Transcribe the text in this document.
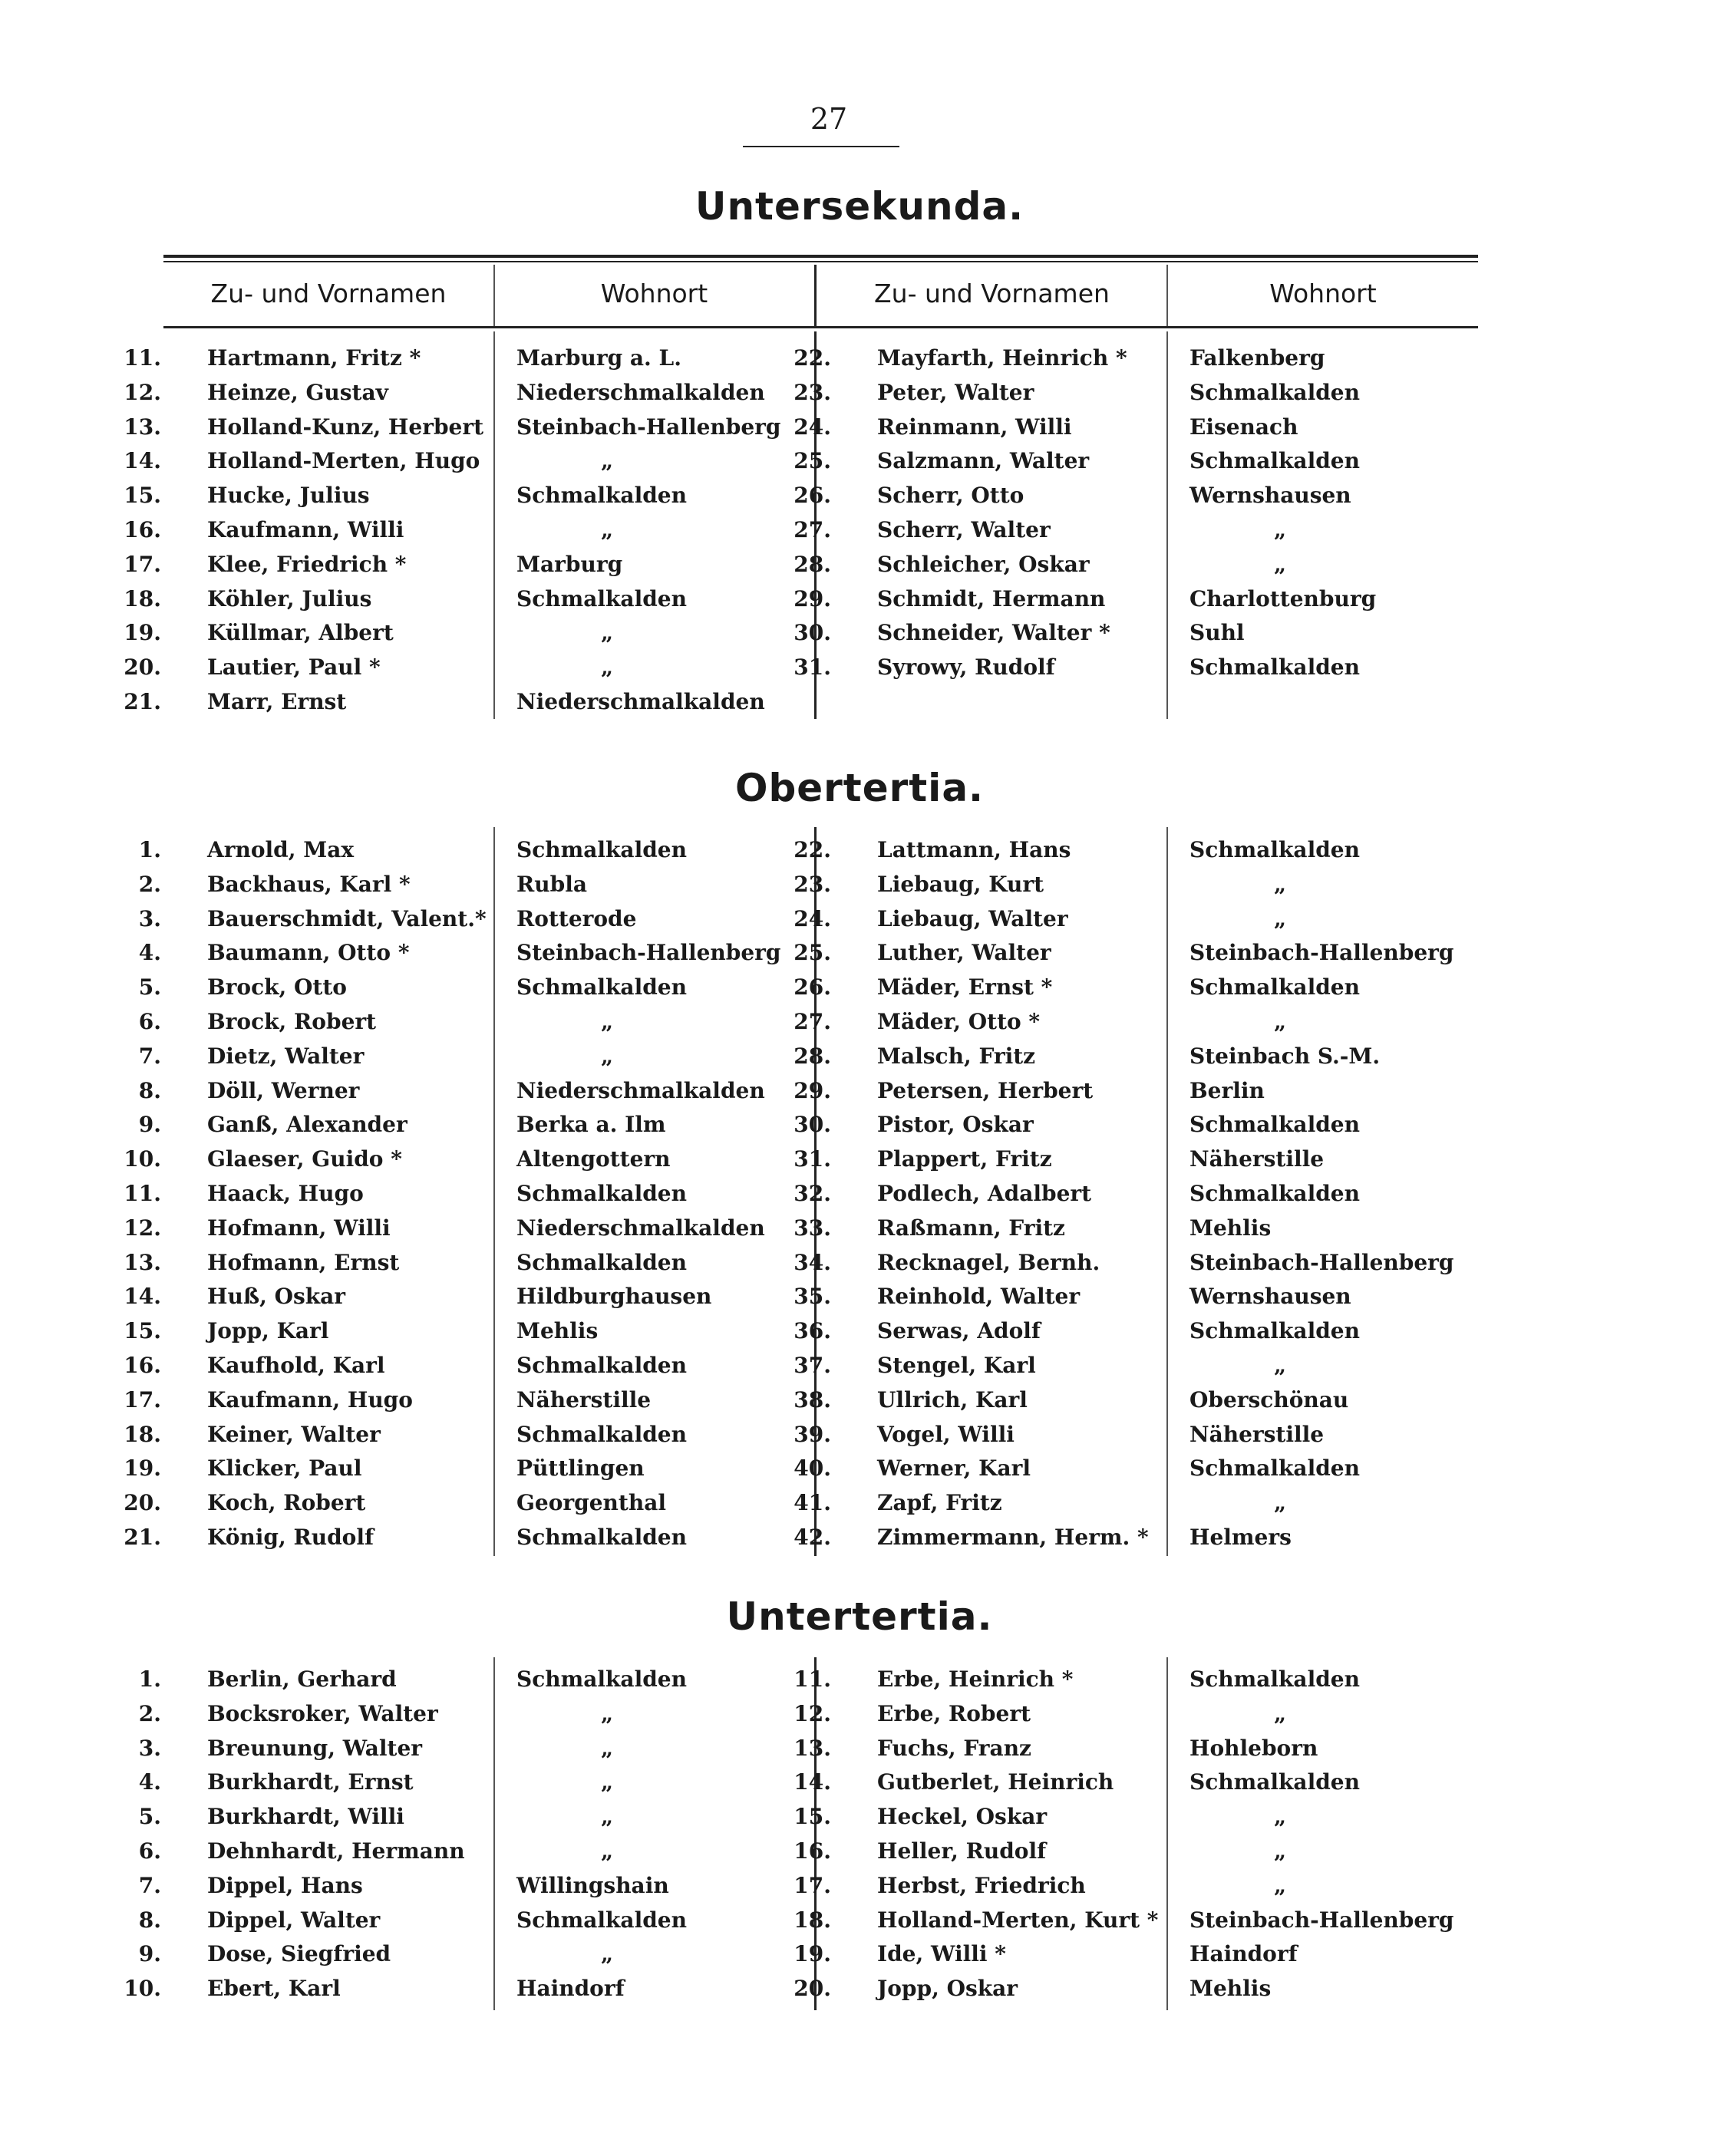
27
Untersekunda.
Zu- und Vornamen	Wohnort	Zu- und Vornamen	Wohnort
Obertertia.
Untertertia.
11. Hartmann, Fritz *	Marburg a. L.
12. Heinze, Gustav	Niederschmalkalden
13. Holland-Kunz, Herbert Steinbach-Hallenberg
14. Holland-Merten, Hugo	„
15. Hucke, Julius	Schmalkalden
16. Kaufmann, Willi	„
17. Klee, Friedrich *	Marburg
18. Köhler, Julius	Schmalkalden
19. Küllmar, Albert	„
20. Lautier, Paul *	„
21. Marr, Ernst	Niederschmalkalden
22. Mayfarth, Heinrich *	Falkenberg
23. Peter, Walter	Schmalkalden
24. Reinmann, Willi	Eisenach
25. Salzmann, Walter	Schmalkalden
26. Scherr, Otto	Wernshausen
27. Scherr, Walter	„
28. Schleicher, Oskar	„
29. Schmidt, Hermann	Charlottenburg
30. Schneider, Walter *	Suhl
31. Syrowy, Rudolf	Schmalkalden
1. Arnold, Max	Schmalkalden
2. Backhaus, Karl *	Rubla
3. Bauerschmidt, Valent.* Rotterode
4. Baumann, Otto *	Steinbach-Hallenberg
5. Brock, Otto	Schmalkalden
6. Brock, Robert	„
7. Dietz, Walter	„
8. Döll, Werner	Niederschmalkalden
9. Ganß, Alexander	Berka a. Ilm
10. Glaeser, Guido *	Altengottern
11. Haack, Hugo	Schmalkalden
12. Hofmann, Willi	Niederschmalkalden
13. Hofmann, Ernst	Schmalkalden
14. Huß, Oskar	Hildburghausen
15. Jopp, Karl	Mehlis
16. Kaufhold, Karl	Schmalkalden
17. Kaufmann, Hugo	Näherstille
18. Keiner, Walter	Schmalkalden
19. Klicker, Paul	Püttlingen
20. Koch, Robert	Georgenthal
21. König, Rudolf	Schmalkalden
22. Lattmann, Hans	Schmalkalden
23. Liebaug, Kurt	„
24. Liebaug, Walter	„
25. Luther, Walter	Steinbach-Hallenberg
26. Mäder, Ernst *	Schmalkalden
27. Mäder, Otto *	„
28. Malsch, Fritz	Steinbach S.-M.
29. Petersen, Herbert	Berlin
30. Pistor, Oskar	Schmalkalden
31. Plappert, Fritz	Näherstille
32. Podlech, Adalbert	Schmalkalden
33. Raßmann, Fritz	Mehlis
34. Recknagel, Bernh.	Steinbach-Hallenberg
35. Reinhold, Walter	Wernshausen
36. Serwas, Adolf	Schmalkalden
37. Stengel, Karl	„
38. Ullrich, Karl	Oberschönau
39. Vogel, Willi	Näherstille
40. Werner, Karl	Schmalkalden
41. Zapf, Fritz	„
42. Zimmermann, Herm. * Helmers
1. Berlin, Gerhard	Schmalkalden
2. Bocksroker, Walter	„
3. Breunung, Walter	„
4. Burkhardt, Ernst	„
5. Burkhardt, Willi	„
6. Dehnhardt, Hermann	„
7. Dippel, Hans	Willingshain
8. Dippel, Walter	Schmalkalden
9. Dose, Siegfried	„
10. Ebert, Karl	Haindorf
11. Erbe, Heinrich *	Schmalkalden
12. Erbe, Robert	„
13. Fuchs, Franz	Hohleborn
14. Gutberlet, Heinrich	Schmalkalden
15. Heckel, Oskar	„
16. Heller, Rudolf	„
17. Herbst, Friedrich	„
18. Holland-Merten, Kurt * Steinbach-Hallenberg
19. Ide, Willi *	Haindorf
20. Jopp, Oskar	Mehlis
